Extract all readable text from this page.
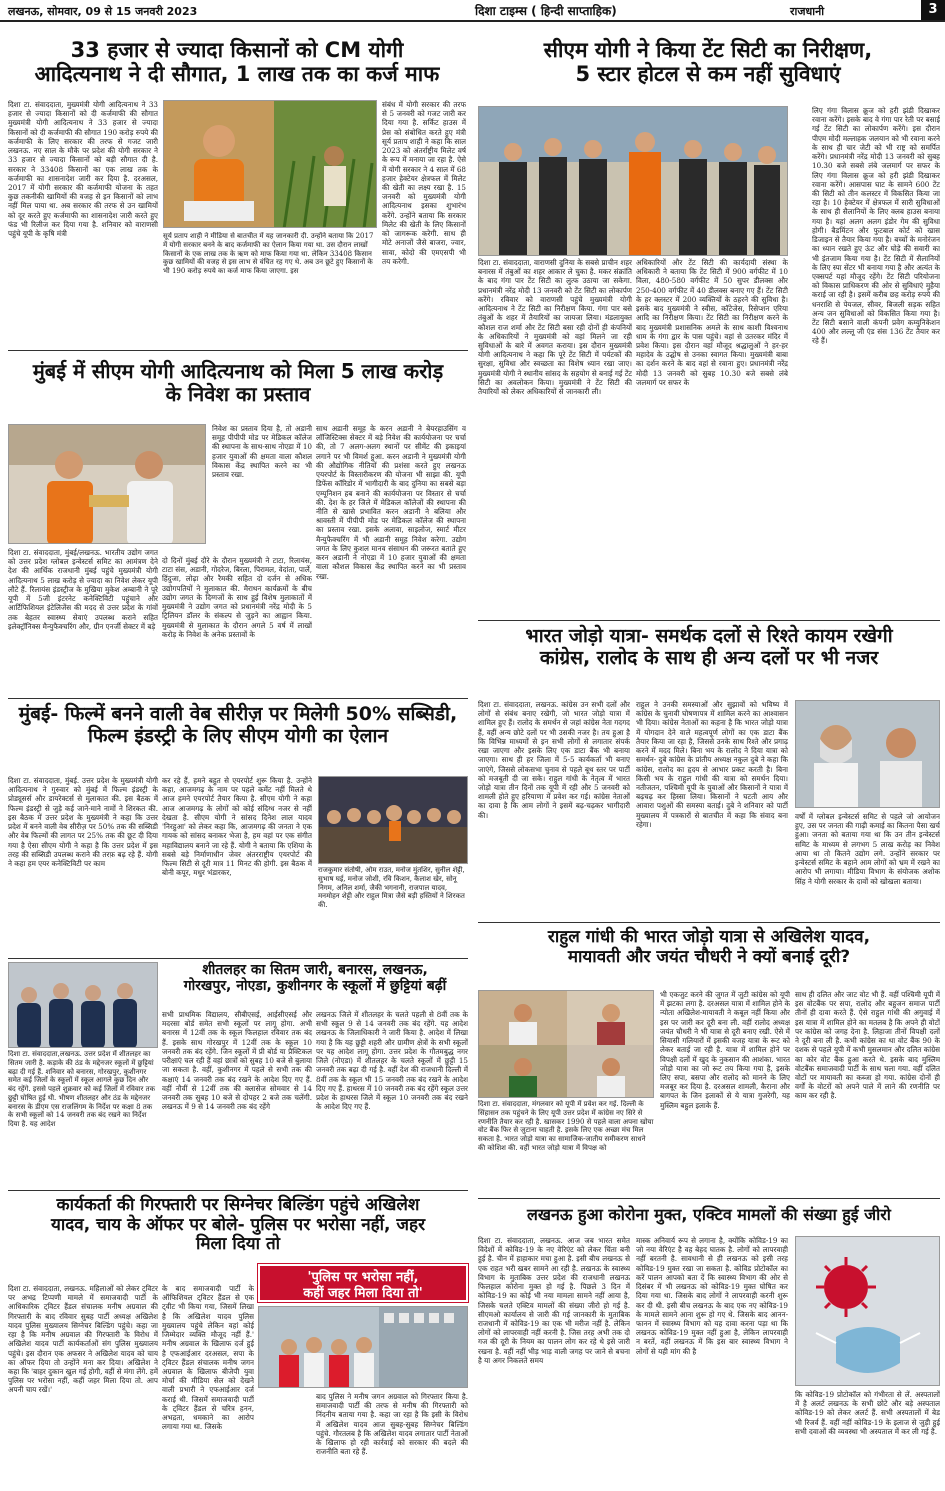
लखनऊ, सोमवार, 09 से 15 जनवरी 2023	दिशा टाइम्स ( हिन्दी साप्ताहिक)	राजधानी	3
33 हजार से ज्यादा किसानों को CM योगी
आदित्यनाथ ने दी सौगात, 1 लाख तक का कर्ज माफ
दिशा टा. संवाददाता, मुख्यमंत्री योगी आदित्यनाथ ने 33 हजार से ज्यादा किसानों को दी कर्जमाफी की सौगात मुख्यमंत्री योगी आदित्यनाथ ने 33 हजार से ज्यादा किसानों को दी कर्जमाफी की सौगात 190 करोड़ रुपये की कर्जमाफी के लिए सरकार की तरफ से गजट जारी लखनऊ. नए साल के मौके पर प्रदेश की योगी सरकार ने 33 हजार से ज्यादा किसानों को बड़ी सौगात दी है. सरकार ने 33408 किसानों का एक लाख तक के कर्जमाफी का शासनादेश जारी कर दिया है. दरअसल, 2017 में योगी सरकार की कर्जमाफी योजना के तहत कुछ तकनीकी खामियों की वजह से इन किसानों को लाभ नहीं मिल पाया था. अब सरकार की तरफ से उन खामियों को दूर करते हुए कर्जमाफी का शासनादेश जारी करते हुए फंड भी रिलीज कर दिया गया है. शनिवार को वाराणसी पहुंचे यूपी के कृषि मंत्री	सूर्य प्रताप शाही ने मीडिया से बातचीत में यह जानकारी दी. उन्होंने बताया कि 2017 में योगी सरकार बनने के बाद कर्जमाफी का ऐलान किया गया था. उस दौरान लाखों किसानों के एक लाख तक के ऋण को माफ किया गया था. लेकिन 33408 किसान कुछ खामियों की वजह से इस लाभ से वंचित रह गए थे. अब उन छूटे हुए किसानों के भी 190 करोड़ रुपये का कर्ज माफ किया जाएगा. इस
संबंध में योगी सरकार की तरफ से 5 जनवरी को गजट जारी कर दिया गया है. सर्किट हाउस में प्रेस को संबोधित करते हुए मंत्री सूर्य प्रताप शाही ने कहा कि साल 2023 को अंतर्राष्ट्रीय मिलेट वर्ष के रूप में मनाया जा रहा है. ऐसे में योगी सरकार ने 4 साल में 68 हजार हेक्टेयर क्षेत्रफल में मिलेट की खेती का लक्ष्य रखा है. 15 जनवरी को मुख्यमंत्री योगी आदित्यनाथ इसका शुभारंभ करेंगे. उन्होंने बताया कि सरकार मिलेट की खेती के लिए किसानों को जागरूक करेगी. साथ ही मोटे अनाजों जैसे बाजरा, ज्वार, सावा, कोदो की एमएसपी भी तय करेगी.
सीएम योगी ने किया टेंट सिटी का निरीक्षण,
5 स्टार होटल से कम नहीं सुविधाएं
लिए गंगा विलास क्रूज को हरी झंडी दिखाकर रवाना करेंगे। इसके बाद वे गंगा पार रेती पर बसाई गई टेंट सिटी का लोकार्पण करेंगे। इस दौरान पीएम मोदी मल्लाहक जलयान को भी रवाना करने के साथ ही चार जेटी को भी राष्ट्र को समर्पित करेंगे। प्रधानमंत्री नरेंद्र मोदी 13 जनवरी को सुबह 10.30 बजे सबसे लंबे जलमार्ग पर सफर के लिए गंगा विलास क्रूज को हरी झंडी दिखाकर रवाना करेंगे। आसपास घाट के सामने 600 टेंट की सिटी को तीन कलस्टर में विकसित किया जा रहा है। 10 हेक्टेयर में क्षेत्रफल में सारी सुविधाओं के साथ ही सैलानियों के लिए क्लब हाउस बनाया गया है। यहां अलग अलग इंडोर गेम की सुविधा होगी। बैडमिंटन और फुटबाल कोर्ट को खास डिजाइन से तैयार किया गया है। बच्चों के मनोरंजन का ध्यान रखते हुए ऊंट और घोड़े की सवारी का भी इंतजाम किया गया है। टेंट सिटी में सैलानियों के लिए स्पा सेंटर भी बनाया गया है और अत्यंत के एक्सपर्ट यहां मौजूद रहेंगे। टेंट सिटी परियोजना को विकास प्राधिकरण की ओर से सुविधाएं मुहैया कराई जा रही है। इसमें करीब छह करोड़ रुपये की धनराशि से पेयजल, सीवर, बिजली सड़क सहित अन्य जन सुविधाओं को विकसित किया गया है। टेंट सिटी बसाने वाली कंपनी प्रवेग कम्युनिकेशन 400 और लल्लू जी एंड संस 136 टेंट तैयार कर रहे हैं।
दिशा टा. संवाददाता, वाराणसी दुनिया के सबसे प्राचीन शहर बनारस में तंबुओं का शहर आकार ले चुका है. मकर संक्रांति के बाद गंगा पार टेंट सिटी का लुत्फ उठाया जा सकेगा. प्रधानमंत्री नरेंद्र मोदी 13 जनवरी को टेंट सिटी का लोकार्पण करेंगे। रविवार को वाराणसी पहुंचे मुख्यमंत्री योगी आदित्यनाथ ने टेंट सिटी का निरीक्षण किया. गंगा पार बसे तंबुओं के शहर में तैयारियों का जायजा लिया। मंडलायुक्त कौशल राज शर्मा और टेंट सिटी बसा रही दोनों ही कंपनियों के अधिकारियों ने मुख्यमंत्री को वहां मिलने जा रही सुविधाओं के बारे में अवगत कराया। इस दौरान मुख्यमंत्री योगी आदित्यनाथ ने कहा कि पूरे टेंट सिटी में पर्यटकों की सुरक्षा, सुविधा और स्वच्छता का विशेष ध्यान रखा जाए। मुख्यमंत्री योगी ने स्थानीय सांसद के सहयोग से बनाई गई टेंट सिटी का अवलोकन किया। मुख्यमंत्री ने टेंट सिटी की तैयारियों को लेकर अधिकारियों से जानकारी ली।
अधिकारियों और टेंट सिटी की कार्यदायी संस्था के अधिकारी ने बताया कि टेंट सिटी में 900 वर्गफीट में 10 विला, 480-580 वर्गफीट में 50 सुपर डीलक्स और 250-400 वर्गफीट में 40 डीलक्स बनाए गए हैं। टेंट सिटी के हर क्लस्टर में 200 व्यक्तियों के ठहरने की सुविधा है। इसके बाद मुख्यमंत्री ने स्वीस, कॉटेजेस, रिसेप्शन एरिया आदि का निरीक्षण किया। टेंट सिटी का निरीक्षण करने के बाद मुख्यमंत्री प्रशासनिक अमले के साथ काशी विश्वनाथ धाम के गंगा द्वार के पास पहुंचे। वहां से उतरकर मंदिर में प्रवेश किया। इस दौरान वहां मौजूद श्रद्धालुओं ने हर-हर महादेव के उद्घोष से उनका स्वागत किया। मुख्यमंत्री बाबा का दर्शन करने के बाद वहां से रवाना हुए। प्रधानमंत्री नरेंद्र मोदी 13 जनवरी को सुबह 10.30 बजे सबसे लंबे जलमार्ग पर सफर के
मुंबई में सीएम योगी आदित्यनाथ को मिला 5 लाख करोड़
के निवेश का प्रस्ताव
निवेश का प्रस्ताव दिया है, तो अडानी समूह पीपीपी मोड पर मेडिकल कॉलेज की स्थापना के साथ-साथ नोएडा में 10 हजार युवाओं की क्षमता वाला कौशल विकास केंद्र स्थापित करने का भी प्रस्ताव रखा.
दिशा टा. संवाददाता, मुंबई/लखनऊ. भारतीय उद्योग जगत को उत्तर प्रदेश ग्लोबल इन्वेस्टर्स समिट का आमंत्रण देने देश की आर्थिक राजधानी मुंबई पहुंचे मुख्यमंत्री योगी आदित्यनाथ 5 लाख करोड़ से ज्यादा का निवेश लेकर यूपी लौटे हैं. रिलायंस इंडस्ट्रीज के मुखिया मुकेश अम्बानी ने पूरे यूपी में 5जी इंटरनेट कनेक्टिविटी पहुंचाने और आर्टिफिशियल इंटेलिजेंस की मदद से उत्तर प्रदेश के गांवों तक बेहतर स्वास्थ्य सेवाएं उपलब्ध कराने सहित इलेक्ट्रॉनिक्स मैन्युफैक्चरिंग और, ग्रीन एनर्जी सेक्टर में बड़े
दो दिनों मुंबई दौरे के दौरान मुख्यमंत्री ने टाटा, रिलायंस, टाटा संस, अडानी, गोदरेज, बिरला, पिरामल, वेदांता, पार्ले, हिंदुजा, लोढ़ा और रैमकी सहित दो दर्जन से अधिक उद्योगपतियों ने मुलाकात की. मैराथन कार्यक्रमों के बीच उद्योग जगत के दिग्गजों के साथ हुई विशेष मुलाकातों में मुख्यमंत्री ने उद्योग जगत को प्रधानमंत्री नरेंद्र मोदी के 5 ट्रिलियन डॉलर के संकल्प से जुड़ने का आह्वान किया. मुख्यमंत्री से मुलाकात के दौरान अगले 5 वर्ष में लाखों करोड़ के निवेश के अनेक प्रस्तावों के
साथ अडानी समूह के करन अडानी ने बेयरहाउसिंग व लॉजिस्टिक्स सेक्टर में बड़े निवेश की कार्ययोजना पर चर्चा की, तो 7 अलग-अलग स्थानों पर सीमेंट की इकाइयां लगाने पर भी विमर्श हुआ. करन अडानी ने मुख्यमंत्री योगी की औद्योगिक नीतियों की प्रशंसा करते हुए लखनऊ एयरपोर्ट के विस्तारीकरण की योजना भी साझा की. यूपी डिफेंस कॉरिडोर में भागीदारी के बाद दुनिया का सबसे बड़ा एम्यूनिशन हब बनाने की कार्ययोजना पर विस्तार से चर्चा की. देश के हर जिले में मेडिकल कॉलेजों की स्थापना की नीति से खासे प्रभावित करन अडानी ने बलिया और श्रावस्ती में पीपीपी मोड पर मेडिकल कॉलेज की स्थापना का प्रस्ताव रखा. इसके अलावा, साइलोज, स्मार्ट मीटर मैन्युफैक्चरिंग में भी अडानी समूह निवेश करेगा. उद्योग जगत के लिए कुशल मानव संसाधन की जरूरत बताते हुए करन अडानी ने नोएडा में 10 हजार युवाओं की क्षमता वाला कौशल विकास केंद्र स्थापित करने का भी प्रस्ताव रखा.
भारत जोड़ो यात्रा- समर्थक दलों से रिश्ते कायम रखेगी
कांग्रेस, रालोद के साथ ही अन्य दलों पर भी नजर
दिशा टा. संवाददाता, लखनऊ. कांग्रेस उन सभी दलों और लोगों से संबंध बनाए रखेगी, जो भारत जोड़ो यात्रा में शामिल हुए हैं। रालोद के समर्थन से जहां कांग्रेस नेता गदगद हैं, वहीं अन्य छोटे दलों पर भी उसकी नजर है। तय हुआ है कि विभिन्न माध्यमों से इन सभी लोगों से लगातार संपर्क रखा जाएगा और इसके लिए एक डाटा बैंक भी बनाया जाएगा। साथ ही हर जिला में 5-5 कार्यकर्ता भी बनाए जाएंगे, जिससे लोकसभा चुनाव से पहले बूथ स्तर पर पार्टी को मजबूती दी जा सके। राहुल गांधी के नेतृत्व में भारत जोड़ो यात्रा तीन दिनों तक यूपी में रही और 5 जनवरी को शामली होते हुए हरियाणा में प्रवेश कर गई। कांग्रेस नेताओं का दावा है कि आम लोगों ने इसमें बढ़-चढ़कर भागीदारी की।
राहुल ने उनकी समस्याओं और सुझावों को भविष्य में कांग्रेस के चुनावी घोषणापत्र में शामिल करने का आश्वासन भी दिया। कांग्रेस नेताओं का कहना है कि भारत जोड़ो यात्रा में योगदान देने वाले महत्वपूर्ण लोगों का एक डाटा बैंक तैयार किया जा रहा है, जिससे उनके साथ रिश्ते और प्रगाढ़ करने में मदद मिले। बिना भय के रालोद ने दिया यात्रा को समर्थन- दुबे कांग्रेस के प्रांतीय अध्यक्ष नकुल दुबे ने कहा कि कांग्रेस, रालोद का हृदय से आभार प्रकट करती है। बिना किसी भय के राहुल गांधी की यात्रा को समर्थन दिया। नतीजतन, पश्चिमी यूपी के युवाओं और किसानों ने यात्रा में बढ़चढ़ कर हिस्सा लिया। किसानों ने घटती आय और आवारा पशुओं की समस्या बताई। दुबे ने शनिवार को पार्टी मुख्यालय में पत्रकारों से बातचीत में कहा कि संवाद बना रहेगा।
वर्षों में ग्लोबल इन्वेस्टर्स समिट से पहले जो आयोजन हुए, उस पर जनता की गाढ़ी कमाई का कितना पैसा खर्च हुआ। जनता को बताया गया था कि उन तीन इन्वेस्टर्स समिट के माध्यम से लगभग 5 लाख करोड़ का निवेश आया था तो कितने उद्योग लगे. उन्होंने सरकार पर इन्वेस्टर्स समिट के बहाने आम लोगों को भ्रम में रखने का आरोप भी लगाया। मीडिया विभाग के संयोजक अशोक सिंह ने योगी सरकार के दावों को खोखला बताया।
मुंबई- फिल्में बनने वाली वेब सीरीज़ पर मिलेगी 50% सब्सिडी,
फिल्म इंडस्ट्री के लिए सीएम योगी का ऐलान
दिशा टा. संवाददाता, मुंबई. उत्तर प्रदेश के मुख्यमंत्री योगी आदित्यनाथ ने गुरुवार को मुंबई में फिल्म इंडस्ट्री के प्रोड्यूसर्स और डायरेक्टर्स से मुलाकात की. इस बैठक में फिल्म इंडस्ट्री से जुड़े कई जाने-माने नामों ने शिरकत की. इस बैठक में उत्तर प्रदेश के मुख्यमंत्री ने कहा कि उत्तर प्रदेश में बनने वाली वेब सीरीज़ पर 50% तक की सब्सिडी और वेब फिल्मों की लागत पर 25% तक की छूट दी दिया गया है ऐसा सीएम योगी ने कहा है कि उत्तर प्रदेश में इस तरह की सब्सिडी उपलब्ध कराने की तरफ़ बढ़ रहे हैं. योगी ने कहा हम एयर कनेक्टिविटी पर काम
कर रहे हैं, हमने बहुत से एयरपोर्ट शुरू किया है. उन्होंने कहा, आजमगढ़ के नाम पर पहले कमेंट नहीं मिलते थे आज हमने एयरपोर्ट तैयार किया है. सीएम योगी ने कहा आज आजमगढ़ के लोगों को कोई संदिग्ध नजर से नहीं देखता है. सीएम योगी ने सांसद दिनेश लाल यादव 'निरहुआ' को लेकर कहा कि, आजमगढ़ की जनता ने एक गायक को सांसद बनाकर भेजा है, हम वहां पर एक संगीत महाविद्यालय बनाने जा रहे हैं. योगी ने बताया कि एशिया के सबसे बड़े निर्माणाधीन जेवर अंतरराष्ट्रीय एयरपोर्ट की फिल्म सिटी से दूरी मात्र 11 मिनट की होगी. इस बैठक में बोनी कपूर, मधुर भंडारकर,	राजकुमार संतोषी, ओम राउत, मनोज मुंतशिर, सुनील शेट्टी, सुभाष घई, मनोज जोशी, रवि किशन, कैलाश खेर, सोनू निगम, अनिल शर्मा, जैकी भगनानी, राजपाल यादव, मनमोहन शेट्टी और राहुल मित्रा जैसे बड़ी हस्तियों ने शिरकत की.
शीतलहर का सितम जारी, बनारस, लखनऊ,
गोरखपुर, नोएडा, कुशीनगर के स्कूलों में छुट्टियां बढ़ीं
दिशा टा. संवाददाता,लखनऊ. उत्तर प्रदेश में शीतलहर का सितम जारी है. कड़ाके की ठंड के मद्देनजर स्कूलों में छुट्टियां बढ़ा दी गई हैं. शनिवार को बनारस, गोरखपुर, कुशीनगर समेत कई जिलों के स्कूलों में स्कूल आगले कुछ दिन और बंद रहेंगे. इससे पहले शुक्रवार को कई जिलों में रविवार तक छुट्टी घोषित हुई थी. भीषण शीतलहर और ठंड के मद्देनजर बनारस के डीएम एस राजलिंगम के निर्देश पर कक्षा 8 तक के सभी स्कूलों को 14 जनवरी तक बंद रखने का निर्देश दिया है. यह आदेश
सभी प्राथमिक विद्यालय, सीबीएसई, आईसीएसई और मदरसा बोर्ड समेत सभी स्कूलों पर लागू होगा. अभी बनारस में 12वीं तक के स्कूल फिलहाल रविवार तक बंद हैं. इसके साथ गोरखपुर में 12वीं तक के स्कूल 10 जनवरी तक बंद रहेंगे. जिन स्कूलों में प्री बोर्ड या प्रैक्टिकल परीक्षाएं चल रही हैं वहां छात्रों को सुबह 10 बजे से बुलाया जा सकता है. वहीं, कुशीनगर में पहले से सभी तक की कक्षाएं 14 जनवरी तक बंद रखने के आदेश दिए गए हैं. वहीं नौवीं से 12वीं तक की क्लासेज सोमवार से 14 जनवरी तक सुबह 10 बजे से दोपहर 2 बजे तक चलेंगी. लखनऊ में 9 से 14 जनवरी तक बंद रहेंगे
लखनऊ जिले में शीतलहर के चलते पहली से 8वीं तक के सभी स्कूल 9 से 14 जनवरी तक बंद रहेंगे. यह आदेश लखनऊ के जिलाधिकारी ने जारी किया है. आदेश में लिखा गया है कि यह छुट्टी शहरी और ग्रामीण क्षेत्रों के सभी स्कूलों पर यह आदेश लागू होगा. उत्तर प्रदेश के गौतमबुद्ध नगर जिले (नोएडा) में शीतलहर के चलते स्कूलों में छुट्टी 15 जनवरी तक बढ़ा दी गई है. वहीं देश की राजधानी दिल्ली में 8वीं तक के स्कूल भी 15 जनवरी तक बंद रखने के आदेश दिए गए हैं. हाथरस में 10 जनवरी तक बंद रहेंगे स्कूल उत्तर प्रदेश के हाथरस जिले में स्कूल 10 जनवरी तक बंद रखने के आदेश दिए गए हैं.
राहुल गांधी की भारत जोड़ो यात्रा से अखिलेश यादव,
मायावती और जयंत चौधरी ने क्यों बनाई दूरी?
दिशा टा. संवाददाता, मंगलवार को यूपी में प्रवेश कर गई. दिल्ली के सिंहासन तक पहुंचने के लिए यूपी उत्तर प्रदेश में कांग्रेस नए सिरे से रणनीति तैयार कर रही है. खासकर 1990 से पहले वाला अपना खोया वोट बैंक फिर से जुटाना चाहती है. इसके लिए एक अच्छा मंच मिल सकता है. भारत जोड़ो यात्रा का सामाजिक-जातीय समीकरण साधने की कोशिश की. वहीं भारत जोड़ो यात्रा में विपक्ष को
भी एकजुट करने की जुगत में जुटी कांग्रेस को यूपी में झटका लगा है. दरअसल यात्रा में शामिल होने के न्योता अखिलेश-मायावती ने कबूल नहीं किया और इस पर जारी कर दूरी बना ली. वहीं रालोद अध्यक्ष जयंत चौधरी ने भी यात्रा से दूरी बनाए रखी. ऐसे में सियासी गलियारों में इसकी वजह यात्रा के रूट को लेकर बताई जा रही है. यात्रा में शामिल होने पर विपक्षी दलों में खुद के नुकसान की आशंका. भारत जोड़ो यात्रा का जो रूट तय किया गया है, इसके लिए सपा, बसपा और रालोद को मानने के लिए मजबूर कर दिया है. दरअसल शामली, कैराना और बागपत के जिन इलाकों से ये यात्रा गुजरेगी, यह मुस्लिम बहुल इलाके हैं.
साथ ही दलित और जाट वोट भी हैं. वहीं पश्चिमी यूपी में इस वोटबैंक पर सपा, रालोद और बहुजन समाज पार्टी तीनों ही दावा करते हैं. ऐसे राहुल गांधी की अगुवाई में इस यात्रा में शामिल होने का मतलब है कि अपने ही वोटों पर कांग्रेस को जगह देना है. लिहाजा तीनों विपक्षी दलों ने दूरी बना ली है. कभी कांग्रेस का था वोट बैंक 90 के दशक से पहले यूपी में कभी मुसलमान और दलित कांग्रेस का कोर वोट बैंक हुआ करते थे. इसके बाद मुस्लिम वोटबैंक समाजवादी पार्टी के साथ चला गया. वहीं दलित वोटों पर मायावती का कब्जा हो गया. कांग्रेस दोनों ही वर्गों के वोटरों को अपने पाले में लाने की रणनीति पर काम कर रही है.
कार्यकर्ता की गिरफ्तारी पर सिग्नेचर बिल्डिंग पहुंचे अखिलेश
यादव, चाय के ऑफर पर बोले- पुलिस पर भरोसा नहीं, जहर
मिला दिया तो
दिशा टा. संवाददाता, लखनऊ. महिलाओं को लेकर ट्विटर पर अभद्र टिप्पणी मामले में समाजवादी पार्टी के आधिकारिक ट्विटर हैंडल संचालक मनीष अग्रवाल की गिरफ्तारी के बाद रविवार सुबह पार्टी अध्यक्ष अखिलेश यादव पुलिस मुख्यालय सिग्नेचर बिल्डिंग पहुंचे। कहा जा रहा है कि मनीष अग्रवाल की गिरफ्तारी के विरोध में अखिलेश यादव पार्टी कार्यकर्ताओं संग पुलिस मुख्यालय पहुंचे। इस दौरान एक अफसर ने अखिलेश यादव को चाय का ऑफर दिया तो उन्होंने मना कर दिया। अखिलेश ने कहा कि 'बाहर दुकान खुल गई होगी, वहीं से मंगा लेंगे. हमें पुलिस पर भरोसा नहीं, कहीं जहर मिला दिया तो. आप अपनी चाय रखें।'
'पुलिस पर भरोसा नहीं,
कहीं जहर मिला दिया तो'
के बाद समाजवादी पार्टी के ऑफिशियल ट्विटर हैंडल से एक ट्वीट भी किया गया, जिसमें लिखा है कि अखिलेश यादव पुलिस मुख्यालय पहुंचे लेकिन वहां कोई जिम्मेदार व्यक्ति मौजूद नहीं हैं.' मनीष अग्रवाल के खिलाफ दर्ज हुई है एफआईआर दरअसल, सपा के ट्विटर हैंडल संचालक मनीष जगन अग्रवाल के खिलाफ बीजेपी युवा मोर्चा की मीडिया सेल को देखने वाली प्रभारी ने एफआईआर दर्ज कराई थी. जिसमें समाजवादी पार्टी के ट्विटर हैंडल से चरित्र हनन, अभद्रता, धमकाने का आरोप लगाया गया था. जिसके
बाद पुलिस ने मनीष जगन अग्रवाल को गिरफ्तार किया है. समाजवादी पार्टी की तरफ से मनीष की गिरफ्तारी को निंदनीय बताया गया है. कहा जा रहा है कि इसी के विरोध में अखिलेश यादव आज सुबह-सुबह सिग्नेचर बिल्डिंग पहुंचे. गौरतलब है कि अखिलेश यादव लगातार पार्टी नेताओं के खिलाफ हो रही कार्रवाई को सरकार की बदले की राजनीति बता रहे हैं.
लखनऊ हुआ कोरोना मुक्त, एक्टिव मामलों की संख्या हुई जीरो
दिशा टा. संवाददाता, लखनऊ. आज जब भारत समेत विदेशों में कोविड-19 के नए वेरिएंट को लेकर चिंता बनी हुई है. चीन में हाहाकार मचा हुआ है. इसी बीच लखनऊ से एक राहत भरी खबर सामने आ रही है. लखनऊ के स्वास्थ्य विभाग के मुताबिक उत्तर प्रदेश की राजधानी लखनऊ फिलहाल कोरोना मुक्त हो गई है. पिछले 3 दिन में कोविड-19 का कोई भी नया मामला सामने नहीं आया है, जिसके चलते एक्टिव मामलों की संख्या जीरो हो गई है. सीएमओ कार्यालय से जारी की गई जानकारी के मुताबिक राजधानी में कोविड-19 का एक भी मरीज नहीं है. लेकिन लोगों को लापरवाही नहीं करनी है. जिस तरह अभी तक दो गज की दूरी के नियम का पालन लोग कर रहे थे इसे जारी रखना है. वहीं नहीं भीड़ भाड़ वाली जगह पर जाने से बचना है या अगर निकलते समय
मास्क अनिवार्य रूप से लगाना है, क्योंकि कोविड-19 का जो नया वेरिएंट है वह बेहद घातक है. लोगों को लापरवाही नहीं बरतनी है. सावधानी से ही लखनऊ को इसी तरह कोविड-19 मुक्त रखा जा सकता है. कोविड प्रोटोकॉल का करें पालन आपको बता दें कि स्वास्थ्य विभाग की ओर से दिसंबर में भी लखनऊ को कोविड-19 मुक्त घोषित कर दिया गया था. जिसके बाद लोगों ने लापरवाही करनी शुरू कर दी थी. इसी बीच लखनऊ के बाद एक नए कोविड-19 के मामले सामने आना शुरू हो गए थे. जिसके बाद आनन-फानन में स्वास्थ्य विभाग को यह दावा करना पड़ा था कि लखनऊ कोविड-19 मुक्त नहीं हुआ है, लेकिन लापरवाही न बरतें, वहीं लखनऊ में कि इस बार स्वास्थ्य विभाग ने लोगों से यही मांग की है
कि कोविड-19 प्रोटोकॉल को गंभीरता से लें. अस्पतालों में है अलर्ट लखनऊ के सभी छोटे और बड़े अस्पताल कोविड-19 को लेकर अलर्ट हैं. सभी अस्पतालों में बेड भी रिजर्व हैं. वहीं नहीं कोविड-19 के इलाज से जुड़ी हुई सभी दवाओं की व्यवस्था भी अस्पताल में कर ली गई है.
